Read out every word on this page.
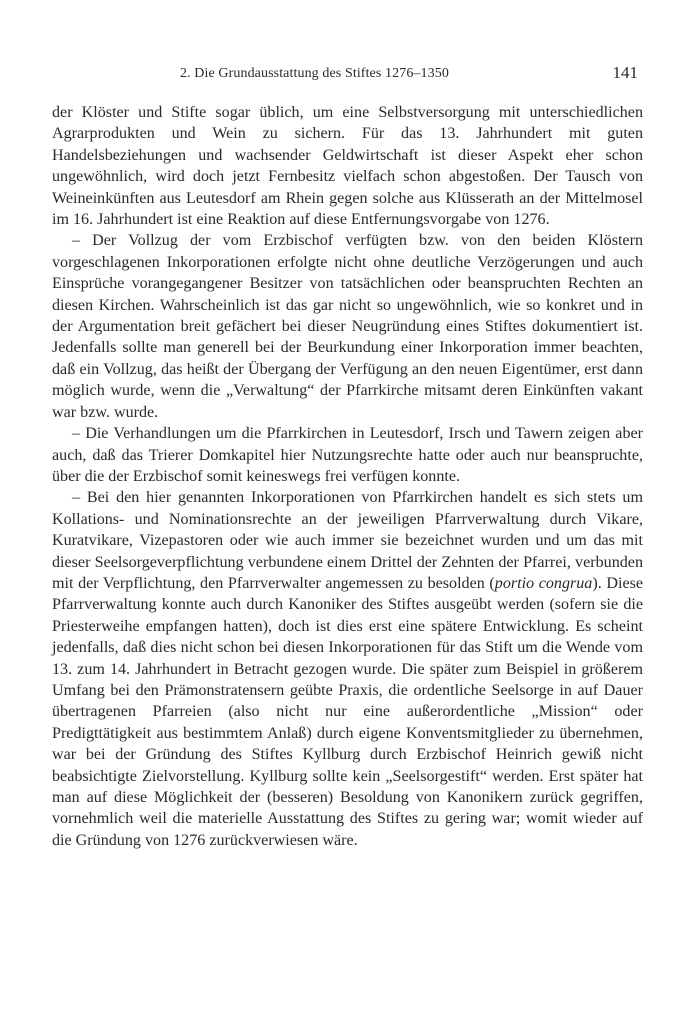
2. Die Grundausstattung des Stiftes 1276–1350	141

der Klöster und Stifte sogar üblich, um eine Selbstversorgung mit unterschiedlichen Agrarprodukten und Wein zu sichern. Für das 13. Jahrhundert mit guten Handelsbeziehungen und wachsender Geldwirtschaft ist dieser Aspekt eher schon ungewöhnlich, wird doch jetzt Fernbesitz vielfach schon abgestoßen. Der Tausch von Weineinkünften aus Leutesdorf am Rhein gegen solche aus Klüsserath an der Mittelmosel im 16. Jahrhundert ist eine Reaktion auf diese Entfernungsvorgabe von 1276.

– Der Vollzug der vom Erzbischof verfügten bzw. von den beiden Klöstern vorgeschlagenen Inkorporationen erfolgte nicht ohne deutliche Verzögerungen und auch Einsprüche vorangegangener Besitzer von tatsächlichen oder beanspruchten Rechten an diesen Kirchen. Wahrscheinlich ist das gar nicht so ungewöhnlich, wie so konkret und in der Argumentation breit gefächert bei dieser Neugründung eines Stiftes dokumentiert ist. Jedenfalls sollte man generell bei der Beurkundung einer Inkorporation immer beachten, daß ein Vollzug, das heißt der Übergang der Verfügung an den neuen Eigentümer, erst dann möglich wurde, wenn die „Verwaltung“ der Pfarrkirche mitsamt deren Einkünften vakant war bzw. wurde.

– Die Verhandlungen um die Pfarrkirchen in Leutesdorf, Irsch und Tawern zeigen aber auch, daß das Trierer Domkapitel hier Nutzungsrechte hatte oder auch nur beanspruchte, über die der Erzbischof somit keineswegs frei verfügen konnte.

– Bei den hier genannten Inkorporationen von Pfarrkirchen handelt es sich stets um Kollations- und Nominationsrechte an der jeweiligen Pfarrverwaltung durch Vikare, Kuratvikare, Vizepastoren oder wie auch immer sie bezeichnet wurden und um das mit dieser Seelsorgeverpflichtung verbundene einem Drittel der Zehnten der Pfarrei, verbunden mit der Verpflichtung, den Pfarrverwalter angemessen zu besolden (portio congrua). Diese Pfarrverwaltung konnte auch durch Kanoniker des Stiftes ausgeübt werden (sofern sie die Priesterweihe empfangen hatten), doch ist dies erst eine spätere Entwicklung. Es scheint jedenfalls, daß dies nicht schon bei diesen Inkorporationen für das Stift um die Wende vom 13. zum 14. Jahrhundert in Betracht gezogen wurde. Die später zum Beispiel in größerem Umfang bei den Prämonstratensern geübte Praxis, die ordentliche Seelsorge in auf Dauer übertragenen Pfarreien (also nicht nur eine außerordentliche „Mission“ oder Predigttätigkeit aus bestimmtem Anlaß) durch eigene Konventsmitglieder zu übernehmen, war bei der Gründung des Stiftes Kyllburg durch Erzbischof Heinrich gewiß nicht beabsichtigte Zielvorstellung. Kyllburg sollte kein „Seelsorgestift“ werden. Erst später hat man auf diese Möglichkeit der (besseren) Besoldung von Kanonikern zurück gegriffen, vornehmlich weil die materielle Ausstattung des Stiftes zu gering war; womit wieder auf die Gründung von 1276 zurückverwiesen wäre.
